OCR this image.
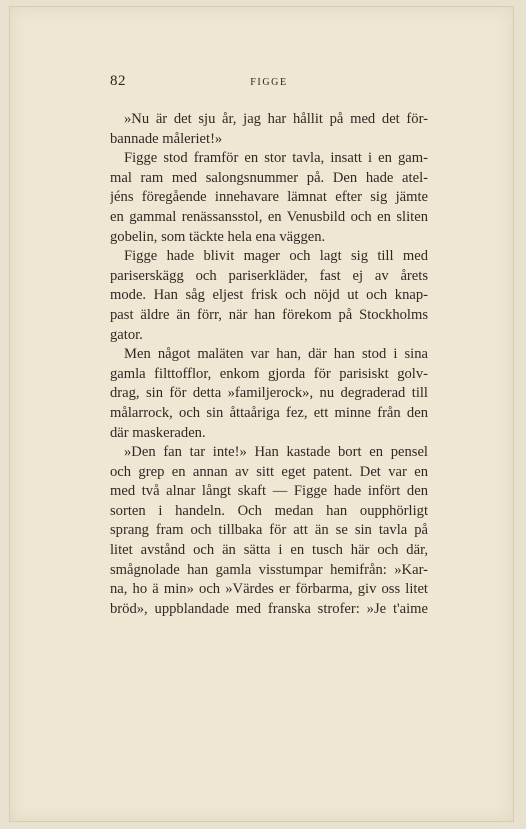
82	FIGGE

»Nu är det sju år, jag har hållit på med det för-
bannade måleriet!»

Figge stod framför en stor tavla, insatt i en gam-
mal ram med salongsnummer på. Den hade atel-
jéns föregående innehavare lämnat efter sig jämte
en gammal renässansstol, en Venusbild och en sliten
gobelin, som täckte hela ena väggen.

Figge hade blivit mager och lagt sig till med
pariserskägg och pariserkläder, fast ej av årets
mode. Han såg eljest frisk och nöjd ut och knap-
past äldre än förr, när han förekom på Stockholms
gator.

Men något maläten var han, där han stod i sina
gamla filttofflor, enkom gjorda för parisiskt golv-
drag, sin för detta »familjerock», nu degraderad till
målarrock, och sin åttaåriga fez, ett minne från den
där maskeraden.

»Den fan tar inte!» Han kastade bort en pensel
och grep en annan av sitt eget patent. Det var en
med två alnar långt skaft — Figge hade infört den
sorten i handeln. Och medan han oupphörligt
sprang fram och tillbaka för att än se sin tavla på
litet avstånd och än sätta i en tusch här och där,
smågnolade han gamla visstumpar hemifrån: »Kar-
na, ho ä min» och »Värdes er förbarma, giv oss litet
bröd», uppblandade med franska strofer: »Je t'aime
